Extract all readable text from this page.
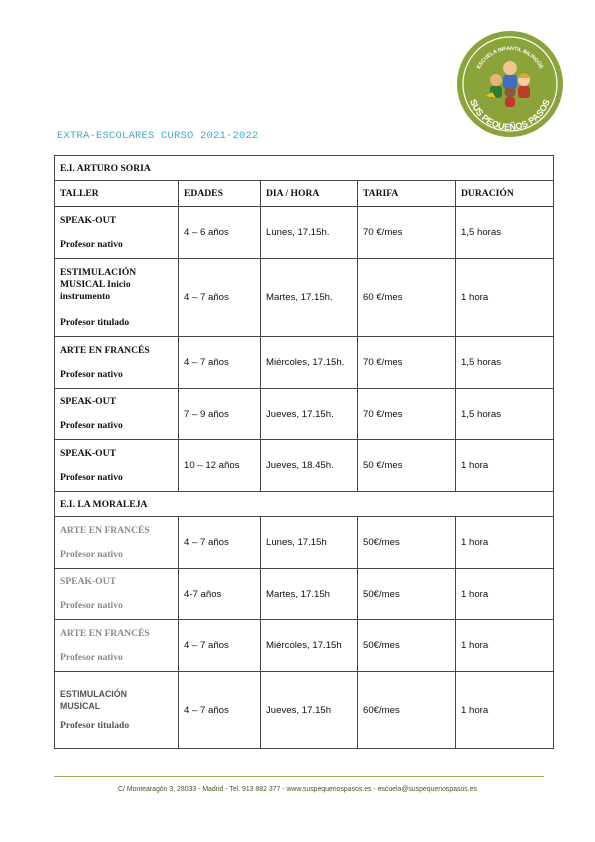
ESCUELA INFANTIL BILINGÜE
SUS PEQUEÑOS PASOS
EXTRA-ESCOLARES CURSO 2021-2022
E.I. ARTURO SORIA				
TALLER	EDADES	DIA / HORA	TARIFA	DURACIÓN

SPEAK-OUT
Profesor nativo	4 – 6 años	Lunes, 17.15h.	70 €/mes	1,5 horas

ESTIMULACIÓN MUSICAL Inicio instrumento
Profesor titulado	4 – 7 años	Martes, 17.15h.	60 €/mes	1 hora

ARTE EN FRANCÉS
Profesor nativo	4 – 7 años	Miércoles, 17.15h.	70 €/mes	1,5 horas

SPEAK-OUT
Profesor nativo	7 – 9 años	Jueves, 17.15h.	70 €/mes	1,5 horas

SPEAK-OUT
Profesor nativo	10 – 12 años	Jueves, 18.45h.	50 €/mes	1 hora
E.I. LA MORALEJA				

ARTE EN FRANCÉS
Profesor nativo	4 – 7 años	Lunes, 17.15h	50€/mes	1 hora

SPEAK-OUT
Profesor nativo	4-7 años	Martes, 17.15h	50€/mes	1 hora

ARTE EN FRANCÉS
Profesor nativo	4 – 7 años	Miércoles, 17.15h	50€/mes	1 hora

ESTIMULACIÓN MUSICAL
Profesor titulado	4 – 7 años	Jueves, 17.15h	60€/mes	1 hora
C/ Montearagón 3, 28033 - Madrid - Tel. 913 882 377 - www.suspequenospasos.es - escuela@suspequenospasos.es
